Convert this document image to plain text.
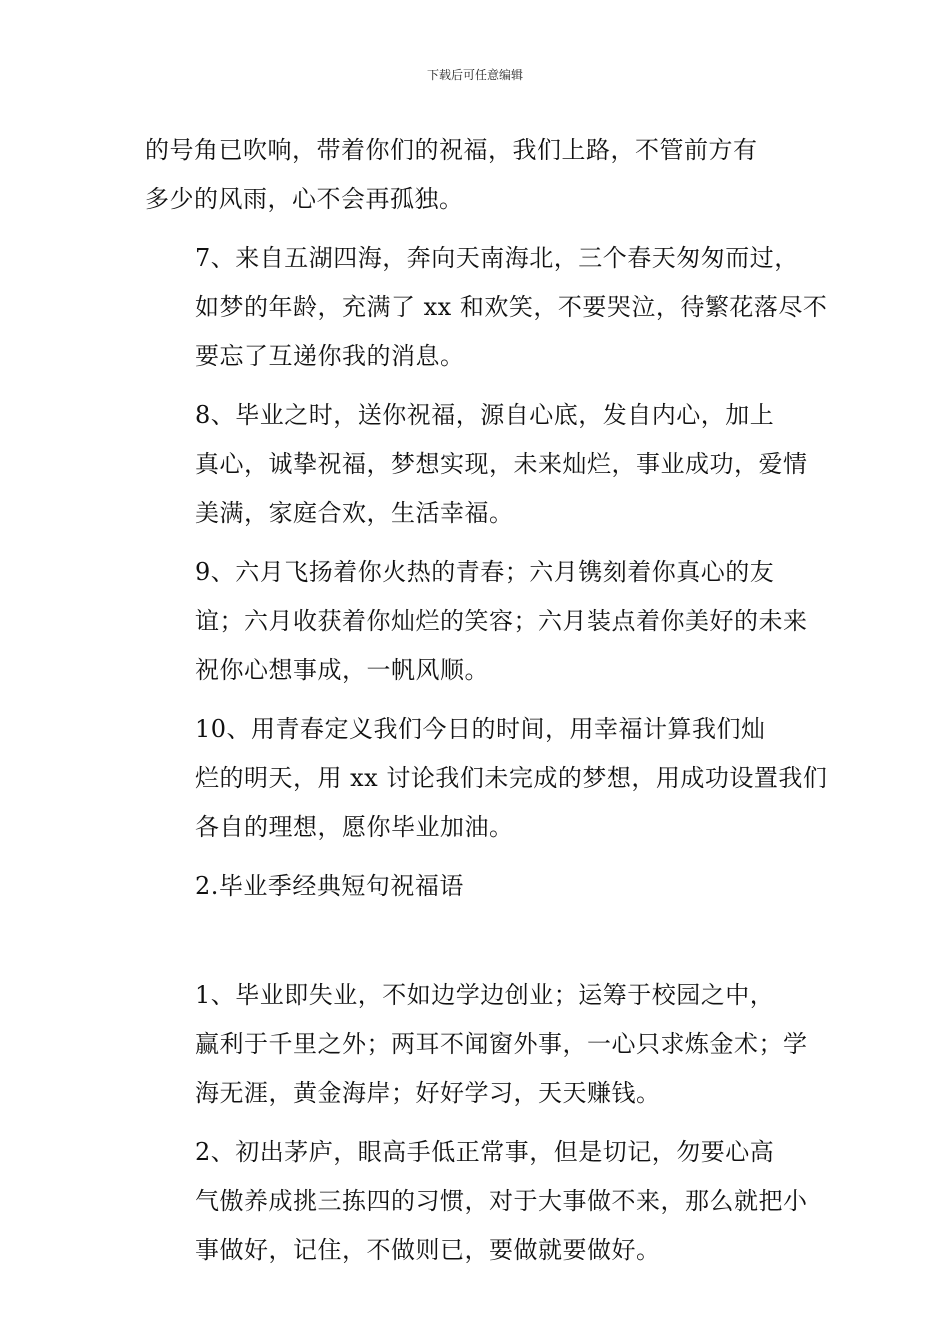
下载后可任意编辑

的号角已吹响，带着你们的祝福，我们上路，不管前方有
多少的风雨，心不会再孤独。

7、来自五湖四海，奔向天南海北，三个春天匆匆而过，
如梦的年龄，充满了 xx 和欢笑，不要哭泣，待繁花落尽不
要忘了互递你我的消息。

8、毕业之时，送你祝福，源自心底，发自内心，加上
真心，诚挚祝福，梦想实现，未来灿烂，事业成功，爱情
美满，家庭合欢，生活幸福。

9、六月飞扬着你火热的青春；六月镌刻着你真心的友
谊；六月收获着你灿烂的笑容；六月装点着你美好的未来
祝你心想事成，一帆风顺。

10、用青春定义我们今日的时间，用幸福计算我们灿
烂的明天，用 xx 讨论我们未完成的梦想，用成功设置我们
各自的理想，愿你毕业加油。

2.毕业季经典短句祝福语

1、毕业即失业，不如边学边创业；运筹于校园之中，
赢利于千里之外；两耳不闻窗外事，一心只求炼金术；学
海无涯，黄金海岸；好好学习，天天赚钱。

2、初出茅庐，眼高手低正常事，但是切记，勿要心高
气傲养成挑三拣四的习惯，对于大事做不来，那么就把小
事做好，记住，不做则已，要做就要做好。
